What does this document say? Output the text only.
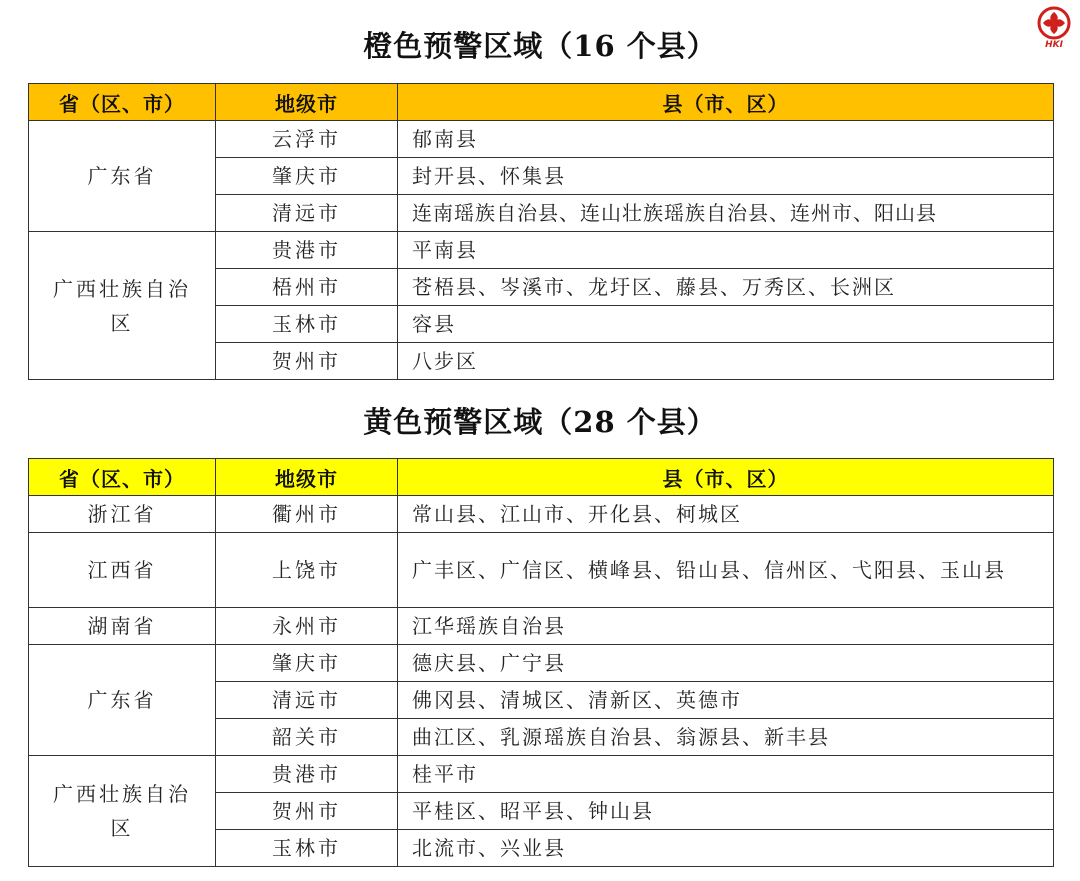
HKI
橙色预警区域（16 个县）
省（区、市）	地级市	县（市、区）
广东省	云浮市	郁南县
	肇庆市	封开县、怀集县
	清远市	连南瑶族自治县、连山壮族瑶族自治县、连州市、阳山县
广西壮族自治区	贵港市	平南县
	梧州市	苍梧县、岑溪市、龙圩区、藤县、万秀区、长洲区
	玉林市	容县
	贺州市	八步区
黄色预警区域（28 个县）
省（区、市）	地级市	县（市、区）
浙江省	衢州市	常山县、江山市、开化县、柯城区
江西省	上饶市	广丰区、广信区、横峰县、铅山县、信州区、弋阳县、玉山县
湖南省	永州市	江华瑶族自治县
广东省	肇庆市	德庆县、广宁县
	清远市	佛冈县、清城区、清新区、英德市
	韶关市	曲江区、乳源瑶族自治县、翁源县、新丰县
广西壮族自治区	贵港市	桂平市
	贺州市	平桂区、昭平县、钟山县
	玉林市	北流市、兴业县
